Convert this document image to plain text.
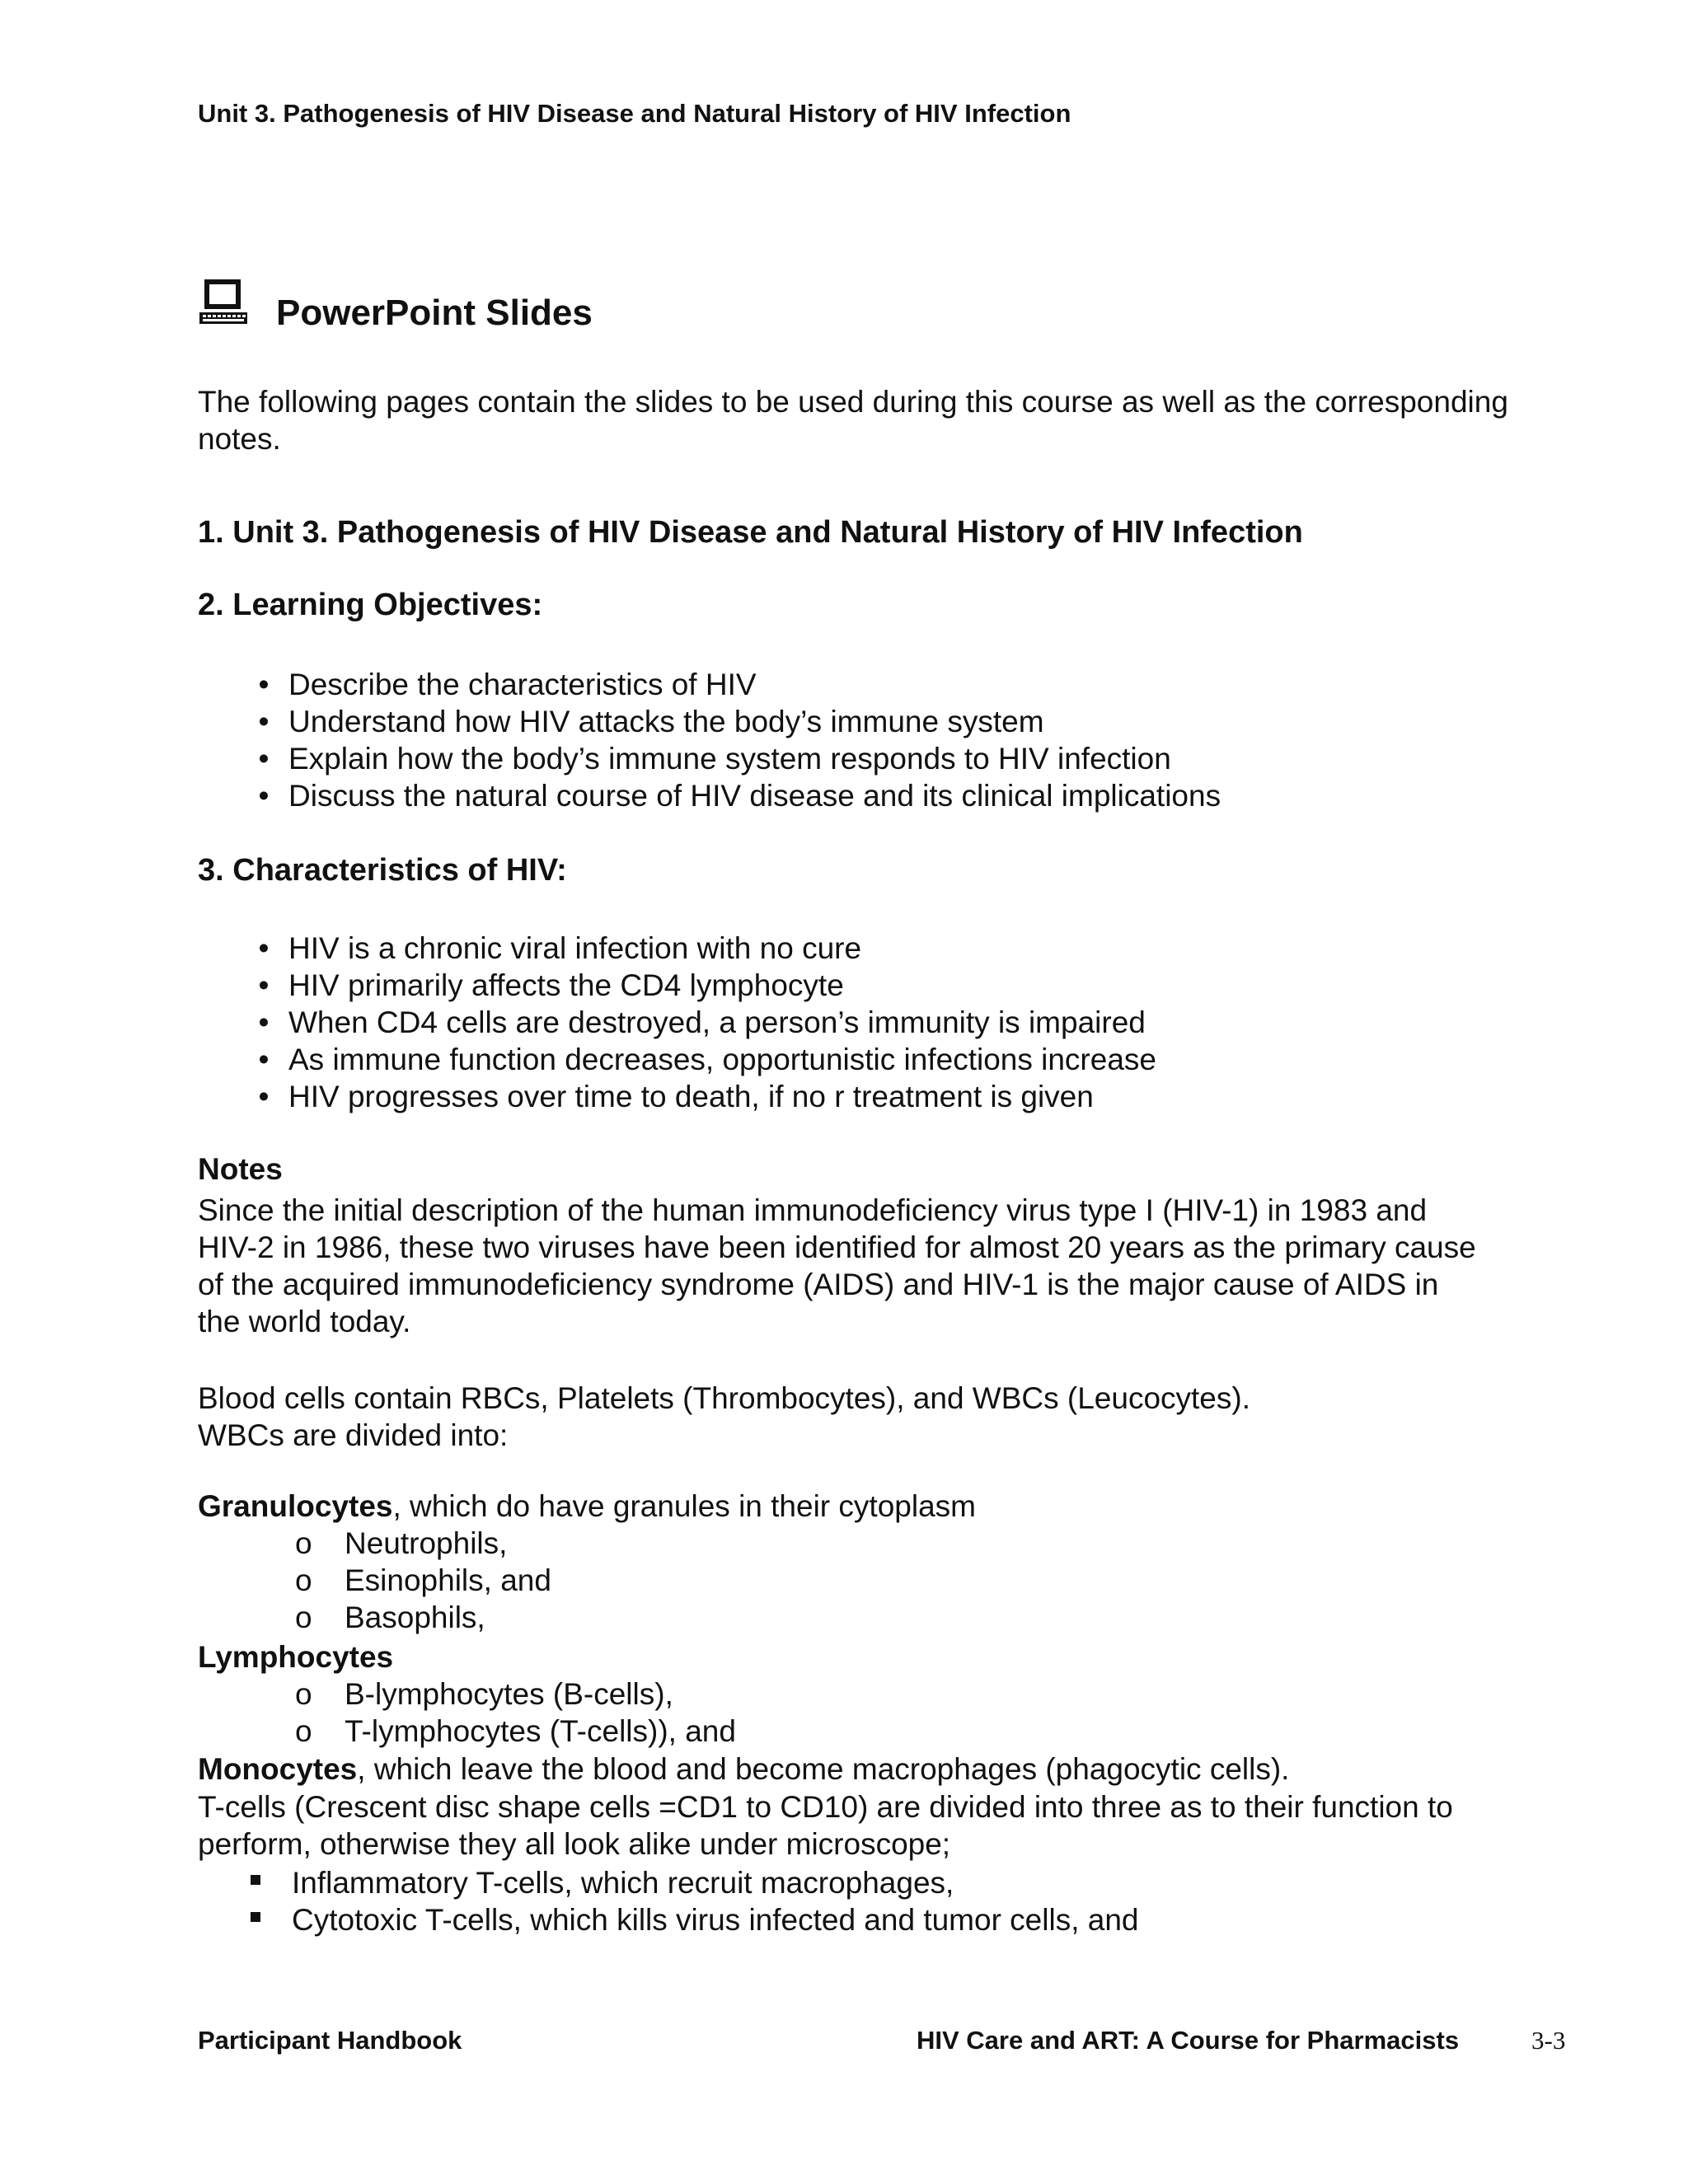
Unit 3. Pathogenesis of HIV Disease and Natural History of HIV Infection
PowerPoint Slides
The following pages contain the slides to be used during this course as well as the corresponding
notes.
1. Unit 3. Pathogenesis of HIV Disease and Natural History of HIV Infection
2. Learning Objectives:
• Describe the characteristics of HIV
• Understand how HIV attacks the body’s immune system
• Explain how the body’s immune system responds to HIV infection
• Discuss the natural course of HIV disease and its clinical implications
3. Characteristics of HIV:
• HIV is a chronic viral infection with no cure
• HIV primarily affects the CD4 lymphocyte
• When CD4 cells are destroyed, a person’s immunity is impaired
• As immune function decreases, opportunistic infections increase
• HIV progresses over time to death, if no r treatment is given
Notes
Since the initial description of the human immunodeficiency virus type I (HIV-1) in 1983 and
HIV-2 in 1986, these two viruses have been identified for almost 20 years as the primary cause
of the acquired immunodeficiency syndrome (AIDS) and HIV-1 is the major cause of AIDS in
the world today.
Blood cells contain RBCs, Platelets (Thrombocytes), and WBCs (Leucocytes).
WBCs are divided into:
Granulocytes, which do have granules in their cytoplasm
o	Neutrophils,
o	Esinophils, and
o	Basophils,
Lymphocytes
o	B-lymphocytes (B-cells),
o	T-lymphocytes (T-cells)), and
Monocytes, which leave the blood and become macrophages (phagocytic cells).
T-cells (Crescent disc shape cells =CD1 to CD10) are divided into three as to their function to
perform, otherwise they all look alike under microscope;
Inflammatory T-cells, which recruit macrophages,
Cytotoxic T-cells, which kills virus infected and tumor cells, and
Participant Handbook	HIV Care and ART: A Course for Pharmacists	3-3
